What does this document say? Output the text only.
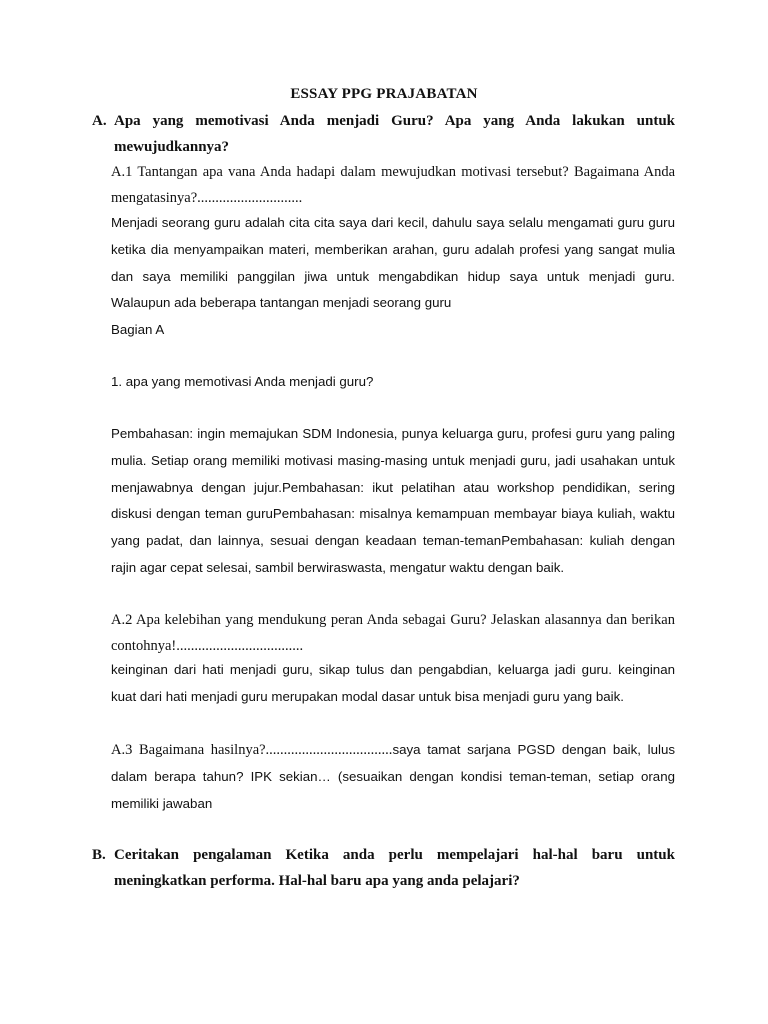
ESSAY PPG PRAJABATAN
A. Apa yang memotivasi Anda menjadi Guru? Apa yang Anda lakukan untuk mewujudkannya?
A.1 Tantangan apa vana Anda hadapi dalam mewujudkan motivasi tersebut? Bagaimana Anda mengatasinya?.............................
Menjadi seorang guru adalah cita cita saya dari kecil, dahulu saya selalu mengamati guru guru ketika dia menyampaikan materi, memberikan arahan, guru adalah profesi yang sangat mulia dan saya memiliki panggilan jiwa untuk mengabdikan hidup saya untuk menjadi guru. Walaupun ada beberapa tantangan menjadi seorang guru
Bagian A
1. apa yang memotivasi Anda menjadi guru?
Pembahasan: ingin memajukan SDM Indonesia, punya keluarga guru, profesi guru yang paling mulia. Setiap orang memiliki motivasi masing-masing untuk menjadi guru, jadi usahakan untuk menjawabnya dengan jujur.Pembahasan: ikut pelatihan atau workshop pendidikan, sering diskusi dengan teman guruPembahasan: misalnya kemampuan membayar biaya kuliah, waktu yang padat, dan lainnya, sesuai dengan keadaan teman-temanPembahasan: kuliah dengan rajin agar cepat selesai, sambil berwiraswasta, mengatur waktu dengan baik.
A.2 Apa kelebihan yang mendukung peran Anda sebagai Guru? Jelaskan alasannya dan berikan contohnya!...................................
keinginan dari hati menjadi guru, sikap tulus dan pengabdian, keluarga jadi guru. keinginan kuat dari hati menjadi guru merupakan modal dasar untuk bisa menjadi guru yang baik.
A.3 Bagaimana hasilnya?...................................saya tamat sarjana PGSD dengan baik, lulus dalam berapa tahun? IPK sekian… (sesuaikan dengan kondisi teman-teman, setiap orang memiliki jawaban
B. Ceritakan pengalaman Ketika anda perlu mempelajari hal-hal baru untuk meningkatkan performa. Hal-hal baru apa yang anda pelajari?
